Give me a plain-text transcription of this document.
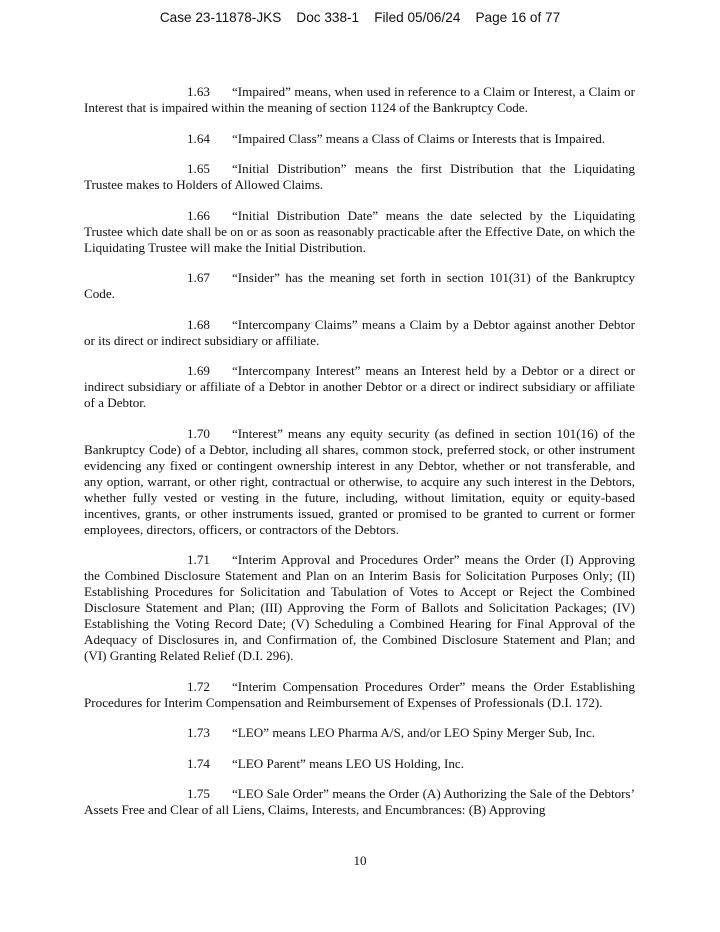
Case 23-11878-JKS Doc 338-1 Filed 05/06/24 Page 16 of 77

1.63 “Impaired” means, when used in reference to a Claim or Interest, a Claim or Interest that is impaired within the meaning of section 1124 of the Bankruptcy Code.

1.64 “Impaired Class” means a Class of Claims or Interests that is Impaired.

1.65 “Initial Distribution” means the first Distribution that the Liquidating Trustee makes to Holders of Allowed Claims.

1.66 “Initial Distribution Date” means the date selected by the Liquidating Trustee which date shall be on or as soon as reasonably practicable after the Effective Date, on which the Liquidating Trustee will make the Initial Distribution.

1.67 “Insider” has the meaning set forth in section 101(31) of the Bankruptcy Code.

1.68 “Intercompany Claims” means a Claim by a Debtor against another Debtor or its direct or indirect subsidiary or affiliate.

1.69 “Intercompany Interest” means an Interest held by a Debtor or a direct or indirect subsidiary or affiliate of a Debtor in another Debtor or a direct or indirect subsidiary or affiliate of a Debtor.

1.70 “Interest” means any equity security (as defined in section 101(16) of the Bankruptcy Code) of a Debtor, including all shares, common stock, preferred stock, or other instrument evidencing any fixed or contingent ownership interest in any Debtor, whether or not transferable, and any option, warrant, or other right, contractual or otherwise, to acquire any such interest in the Debtors, whether fully vested or vesting in the future, including, without limitation, equity or equity-based incentives, grants, or other instruments issued, granted or promised to be granted to current or former employees, directors, officers, or contractors of the Debtors.

1.71 “Interim Approval and Procedures Order” means the Order (I) Approving the Combined Disclosure Statement and Plan on an Interim Basis for Solicitation Purposes Only; (II) Establishing Procedures for Solicitation and Tabulation of Votes to Accept or Reject the Combined Disclosure Statement and Plan; (III) Approving the Form of Ballots and Solicitation Packages; (IV) Establishing the Voting Record Date; (V) Scheduling a Combined Hearing for Final Approval of the Adequacy of Disclosures in, and Confirmation of, the Combined Disclosure Statement and Plan; and (VI) Granting Related Relief (D.I. 296).

1.72 “Interim Compensation Procedures Order” means the Order Establishing Procedures for Interim Compensation and Reimbursement of Expenses of Professionals (D.I. 172).

1.73 “LEO” means LEO Pharma A/S, and/or LEO Spiny Merger Sub, Inc.

1.74 “LEO Parent” means LEO US Holding, Inc.

1.75 “LEO Sale Order” means the Order (A) Authorizing the Sale of the Debtors’ Assets Free and Clear of all Liens, Claims, Interests, and Encumbrances: (B) Approving

10
